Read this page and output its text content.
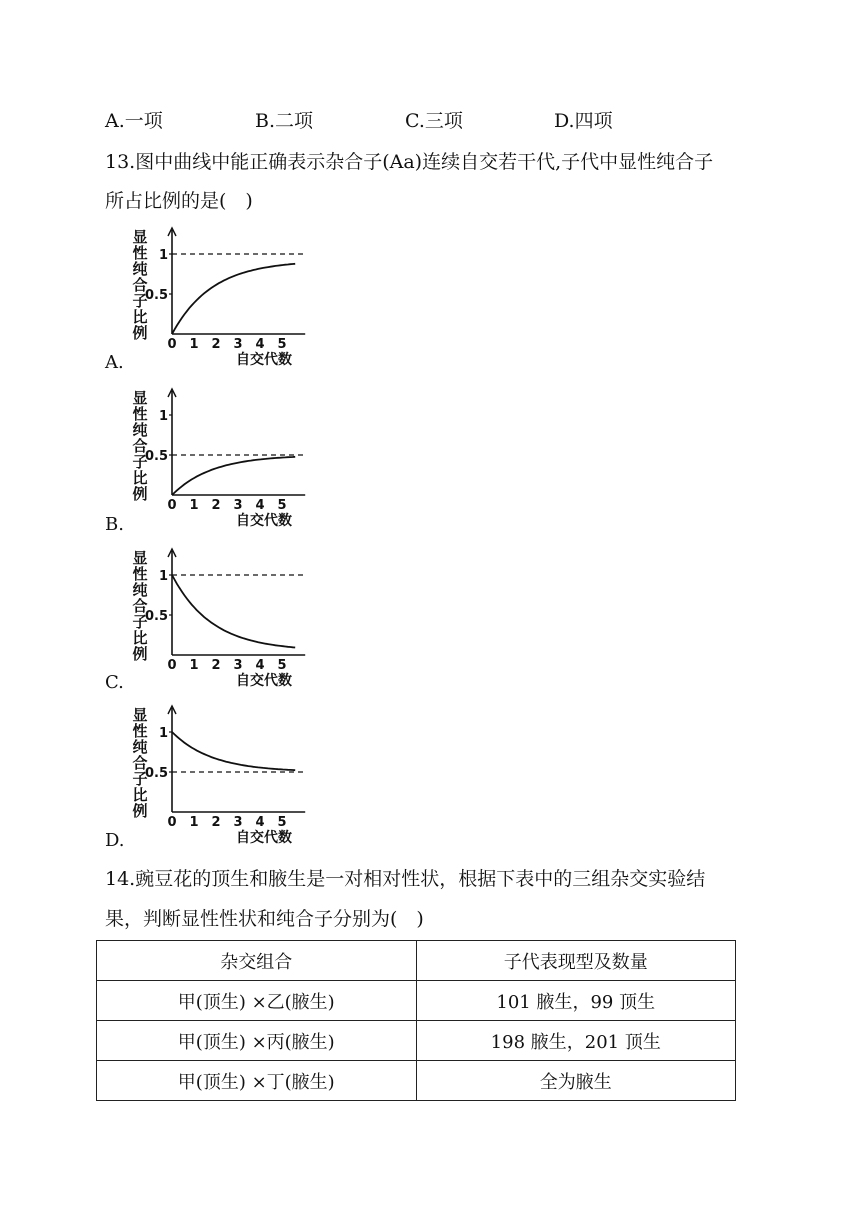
A.一项	B.二项	C.三项	D.四项
13.图中曲线中能正确表示杂合子(Aa)连续自交若干代,子代中显性纯合子
所占比例的是(　)
1
0.5
0 1 2 3 4 5
自交代数
显
性
纯
合
子
比
例
A.
1
0.5
0 1 2 3 4 5
自交代数
显
性
纯
合
子
比
例
B.
1
0.5
0 1 2 3 4 5
自交代数
显
性
纯
合
子
比
例
C.
1
0.5
0 1 2 3 4 5
自交代数
显
性
纯
合
子
比
例
D.
14.豌豆花的顶生和腋生是一对相对性状，根据下表中的三组杂交实验结
果，判断显性性状和纯合子分别为(　)
杂交组合	子代表现型及数量
甲(顶生) ×乙(腋生)	101 腋生，99 顶生
甲(顶生) ×丙(腋生)	198 腋生，201 顶生
甲(顶生) ×丁(腋生)	全为腋生
